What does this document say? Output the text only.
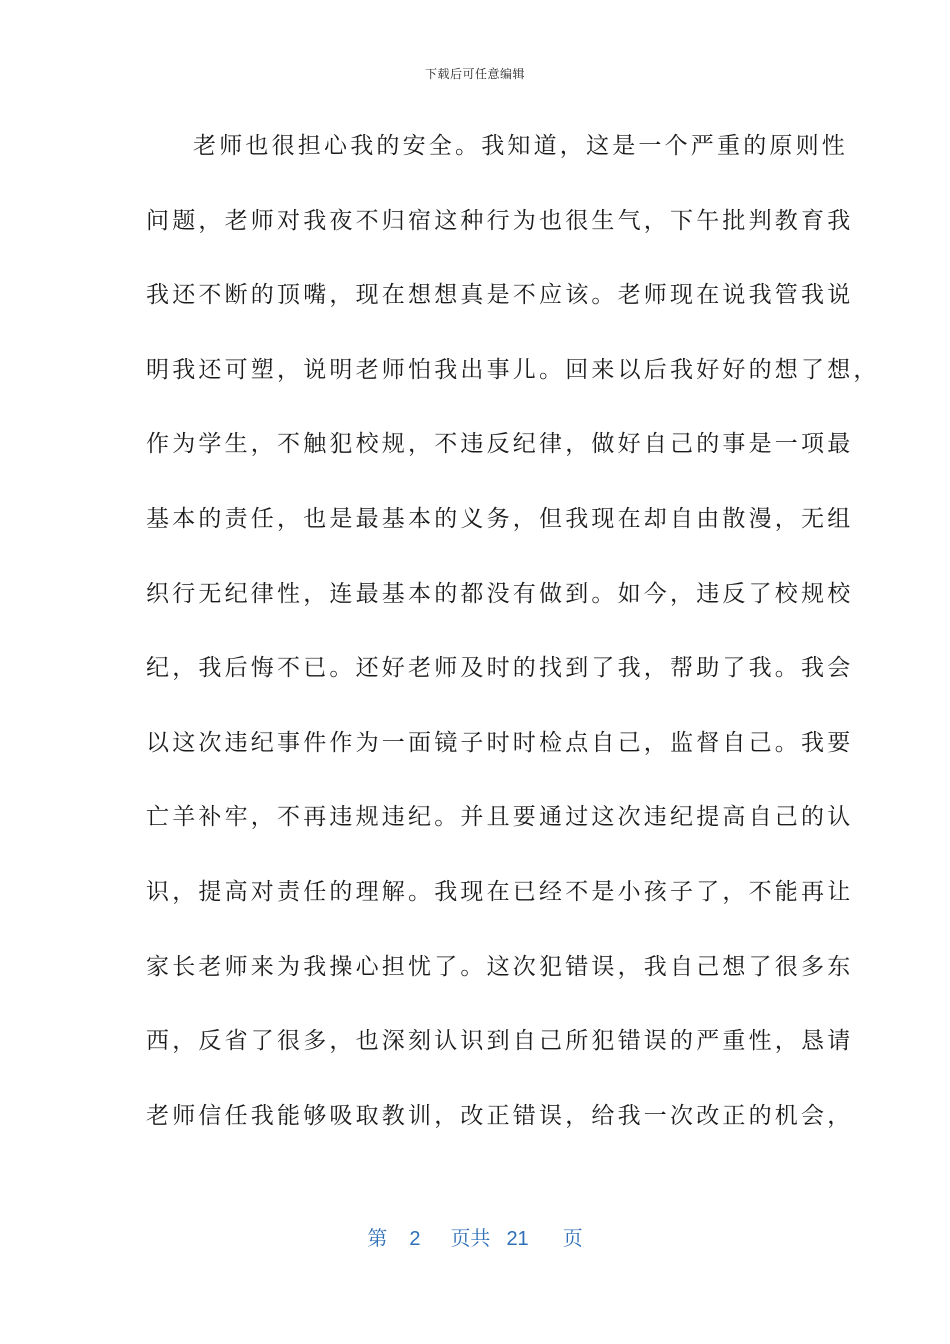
下载后可任意编辑
老师也很担心我的安全。我知道，这是一个严重的原则性
问题，老师对我夜不归宿这种行为也很生气，下午批判教育我
我还不断的顶嘴，现在想想真是不应该。老师现在说我管我说
明我还可塑，说明老师怕我出事儿。回来以后我好好的想了想，
作为学生，不触犯校规，不违反纪律，做好自己的事是一项最
基本的责任，也是最基本的义务，但我现在却自由散漫，无组
织行无纪律性，连最基本的都没有做到。如今，违反了校规校
纪，我后悔不已。还好老师及时的找到了我，帮助了我。我会
以这次违纪事件作为一面镜子时时检点自己，监督自己。我要
亡羊补牢，不再违规违纪。并且要通过这次违纪提高自己的认
识，提高对责任的理解。我现在已经不是小孩子了，不能再让
家长老师来为我操心担忧了。这次犯错误，我自己想了很多东
西，反省了很多，也深刻认识到自己所犯错误的严重性，恳请
老师信任我能够吸取教训，改正错误，给我一次改正的机会，
第 2 页共 21 页
